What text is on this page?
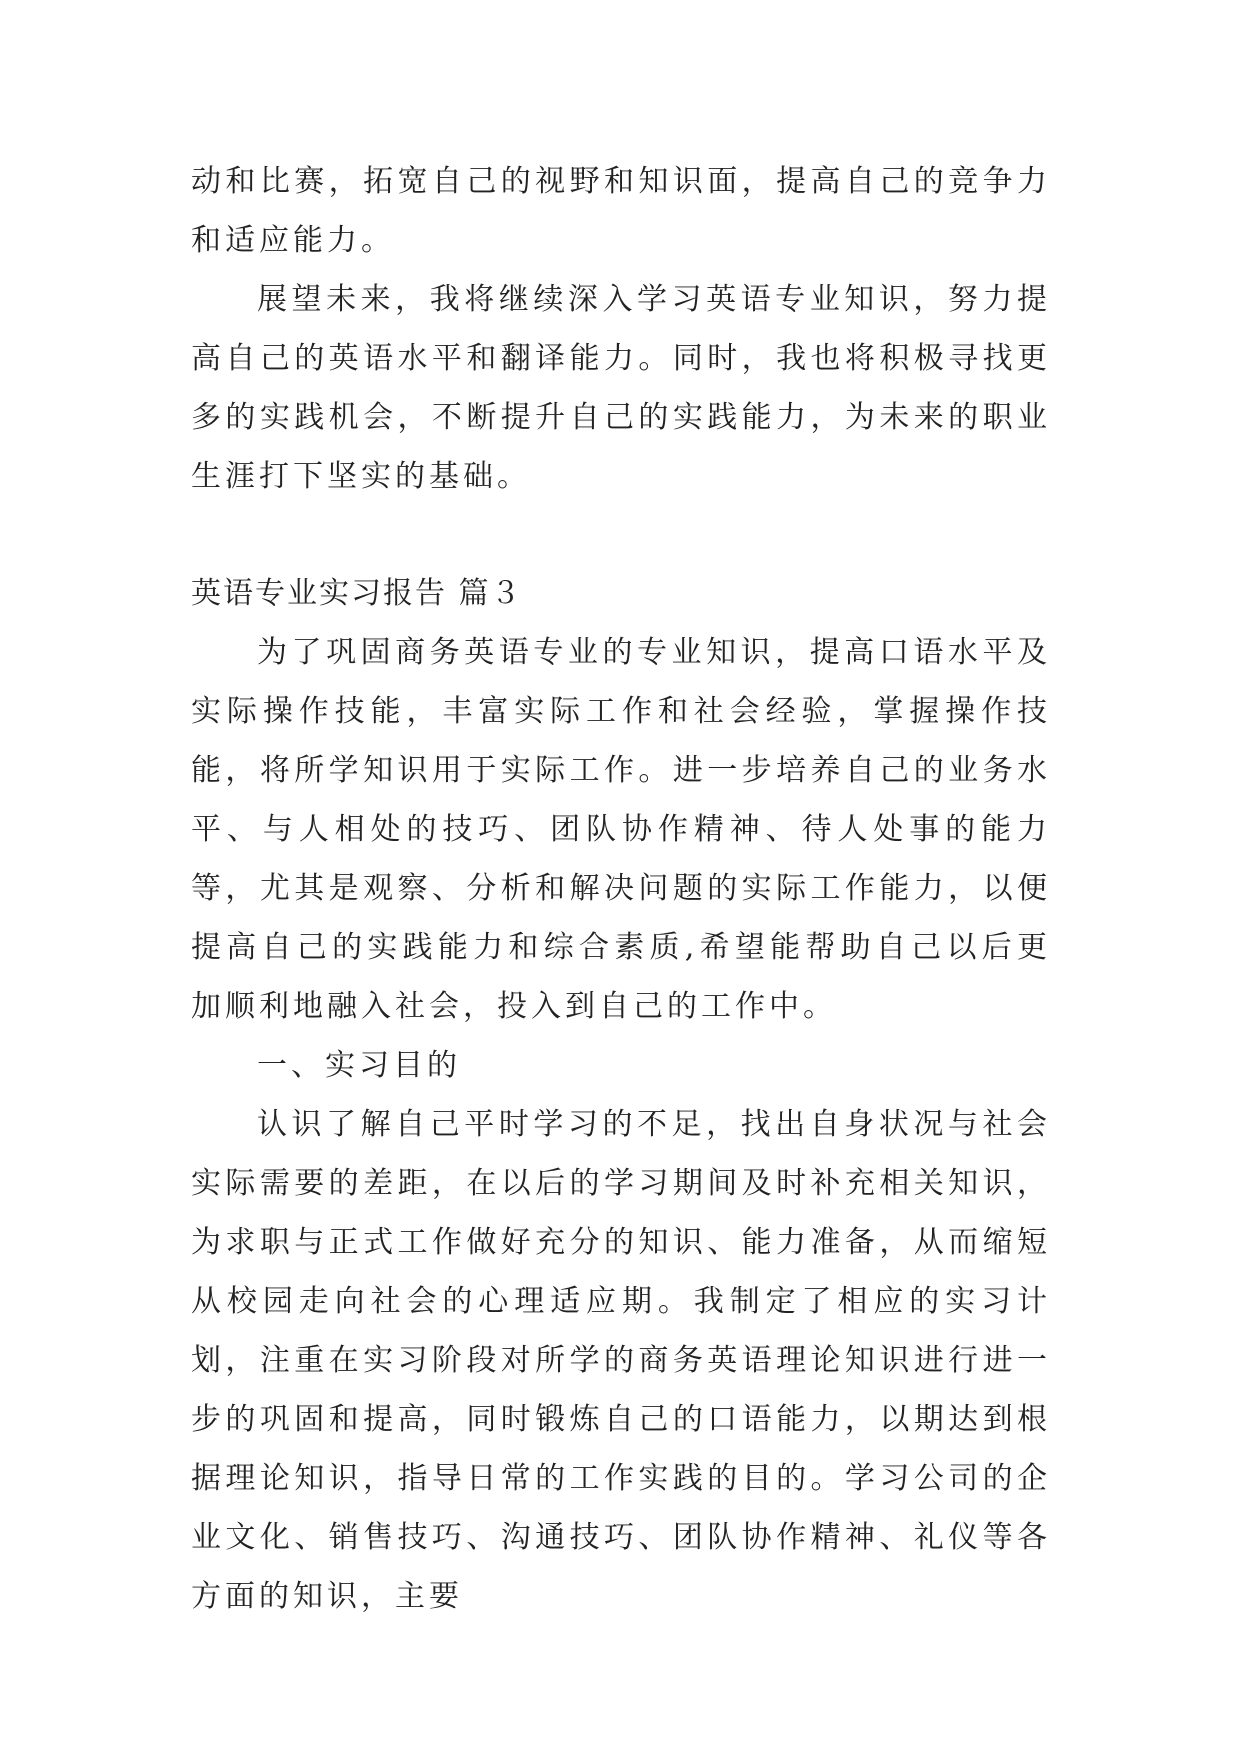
动和比赛，拓宽自己的视野和知识面，提高自己的竞争力和适应能力。

展望未来，我将继续深入学习英语专业知识，努力提高自己的英语水平和翻译能力。同时，我也将积极寻找更多的实践机会，不断提升自己的实践能力，为未来的职业生涯打下坚实的基础。

英语专业实习报告 篇３

为了巩固商务英语专业的专业知识，提高口语水平及实际操作技能，丰富实际工作和社会经验，掌握操作技能，将所学知识用于实际工作。进一步培养自己的业务水平、与人相处的技巧、团队协作精神、待人处事的能力等，尤其是观察、分析和解决问题的实际工作能力，以便提高自己的实践能力和综合素质,希望能帮助自己以后更加顺利地融入社会，投入到自己的工作中。

一、实习目的

认识了解自己平时学习的不足，找出自身状况与社会实际需要的差距，在以后的学习期间及时补充相关知识，为求职与正式工作做好充分的知识、能力准备，从而缩短从校园走向社会的心理适应期。我制定了相应的实习计划，注重在实习阶段对所学的商务英语理论知识进行进一步的巩固和提高，同时锻炼自己的口语能力，以期达到根据理论知识，指导日常的工作实践的目的。学习公司的企业文化、销售技巧、沟通技巧、团队协作精神、礼仪等各方面的知识，主要
